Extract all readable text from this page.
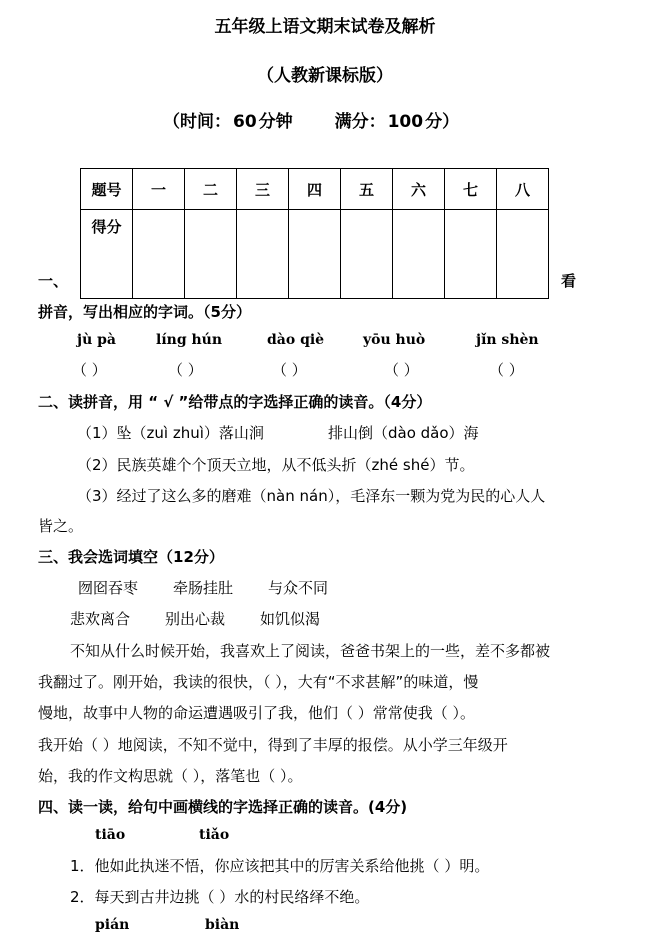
五年级上语文期末试卷及解析
（人教新课标版）
（时间： 60 分钟 满分： 100 分）
题号	一	二	三	四	五	六	七	八
得分								
一、	看
拼音，写出相应的字词。（5分）
jù pà	líng hún	dào qiè	yōu huò	jǐn shèn
（ ）	（ ）	（ ）	（ ）	（ ）
二、读拼音，用 “ √ ”给带点的字选择正确的读音。（4分）
（1）坠（zuì zhuì）落山涧	排山倒（dào dǎo）海
（2）民族英雄个个顶天立地，从不低头折（zhé shé）节。
（3）经过了这么多的磨难（nàn nán），毛泽东一颗为党为民的心人人
皆之。
三、我会选词填空（12分）
囫囵吞枣 牵肠挂肚 与众不同
悲欢离合 别出心裁 如饥似渴
不知从什么时候开始，我喜欢上了阅读，爸爸书架上的一些，差不多都被
我翻过了。刚开始，我读的很快，（ ），大有“不求甚解”的味道，慢
慢地，故事中人物的命运遭遇吸引了我，他们（ ）常常使我（ ）。
我开始（ ）地阅读，不知不觉中，得到了丰厚的报偿。从小学三年级开
始，我的作文构思就（ ），落笔也（ ）。
四、读一读，给句中画横线的字选择正确的读音。(4分)
tiāo	tiǎo
1．他如此执迷不悟，你应该把其中的厉害关系给他挑（ ）明。
2．每天到古井边挑（ ）水的村民络绎不绝。
pián	biàn
